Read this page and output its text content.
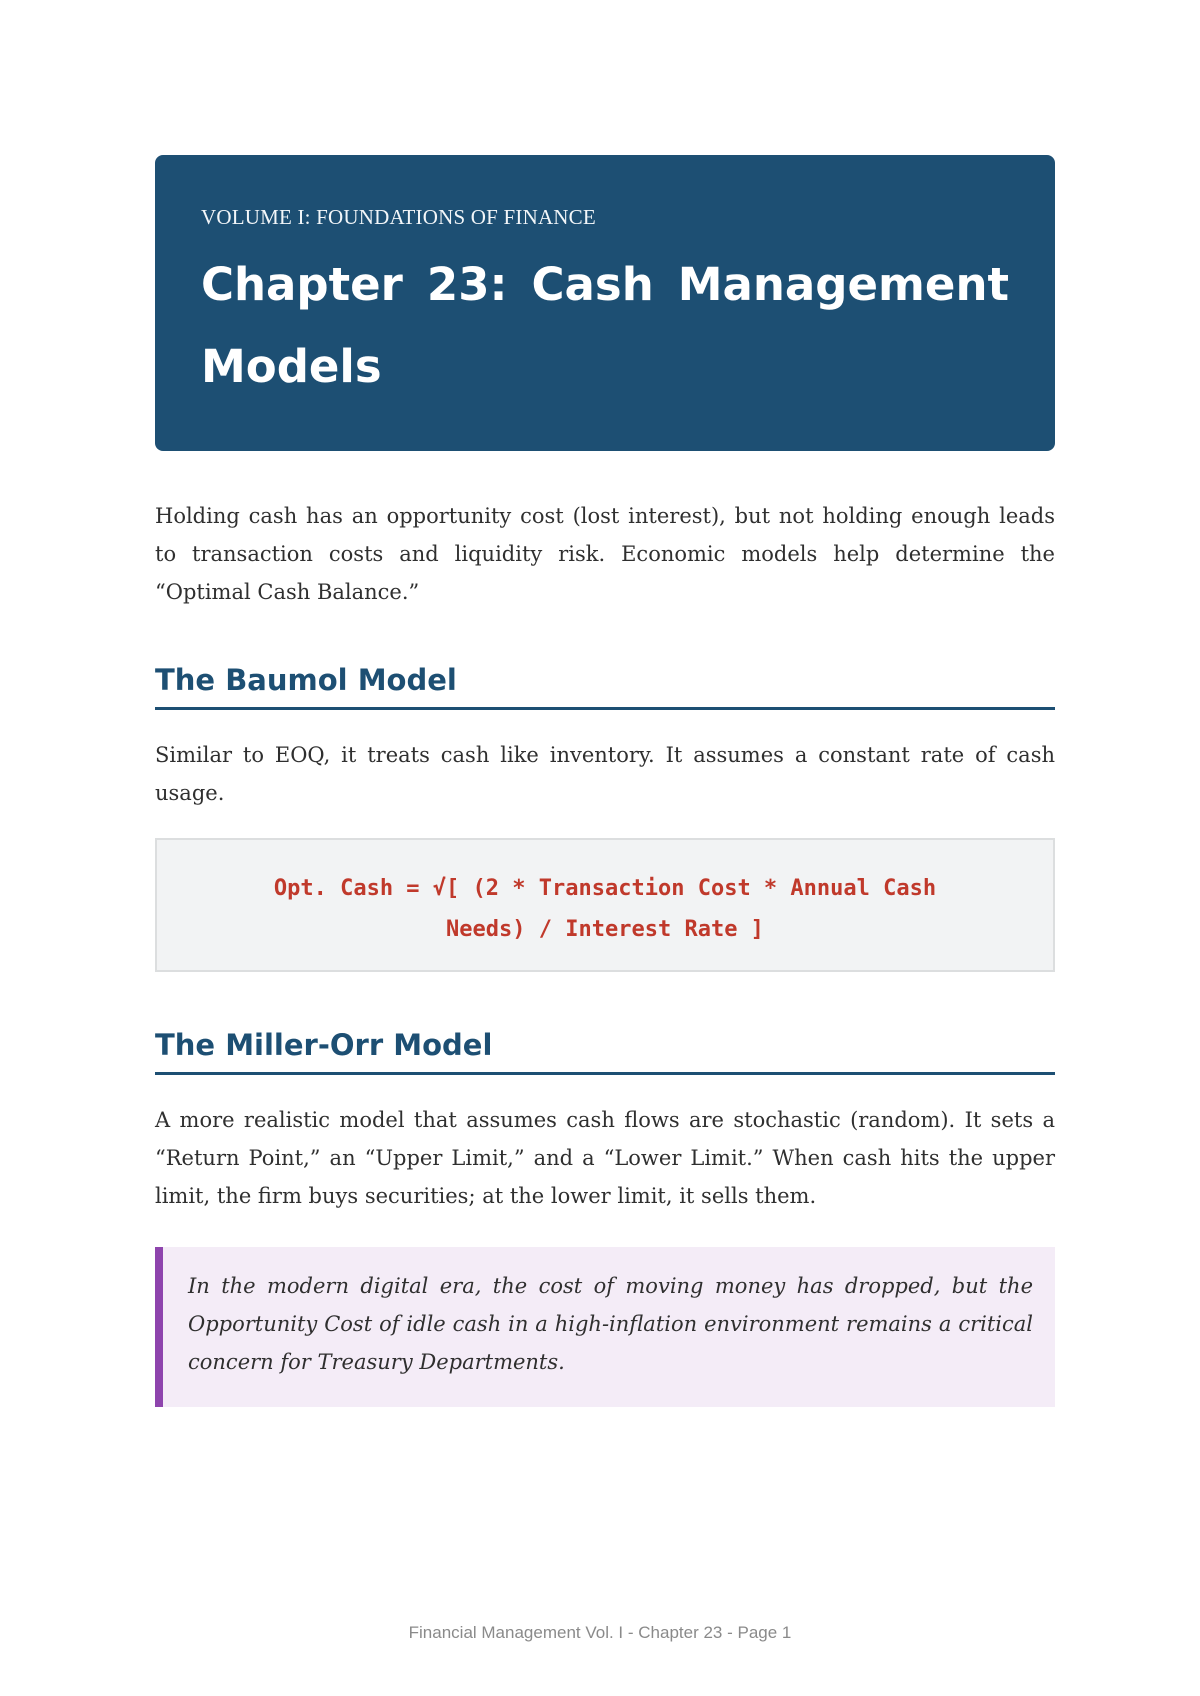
VOLUME I: FOUNDATIONS OF FINANCE
Chapter 23: Cash Management
Models

Holding cash has an opportunity cost (lost interest), but not holding enough leads to transaction costs and liquidity risk. Economic models help determine the “Optimal Cash Balance.”

The Baumol Model

Similar to EOQ, it treats cash like inventory. It assumes a constant rate of cash usage.

Opt. Cash = √[ (2 * Transaction Cost * Annual Cash
Needs) / Interest Rate ]
The Miller-Orr Model

A more realistic model that assumes cash flows are stochastic (random). It sets a “Return Point,” an “Upper Limit,” and a “Lower Limit.” When cash hits the upper limit, the firm buys securities; at the lower limit, it sells them.

In the modern digital era, the cost of moving money has dropped, but the Opportunity Cost of idle cash in a high-inflation environment remains a critical concern for Treasury Departments.
Financial Management Vol. I - Chapter 23 - Page 1
